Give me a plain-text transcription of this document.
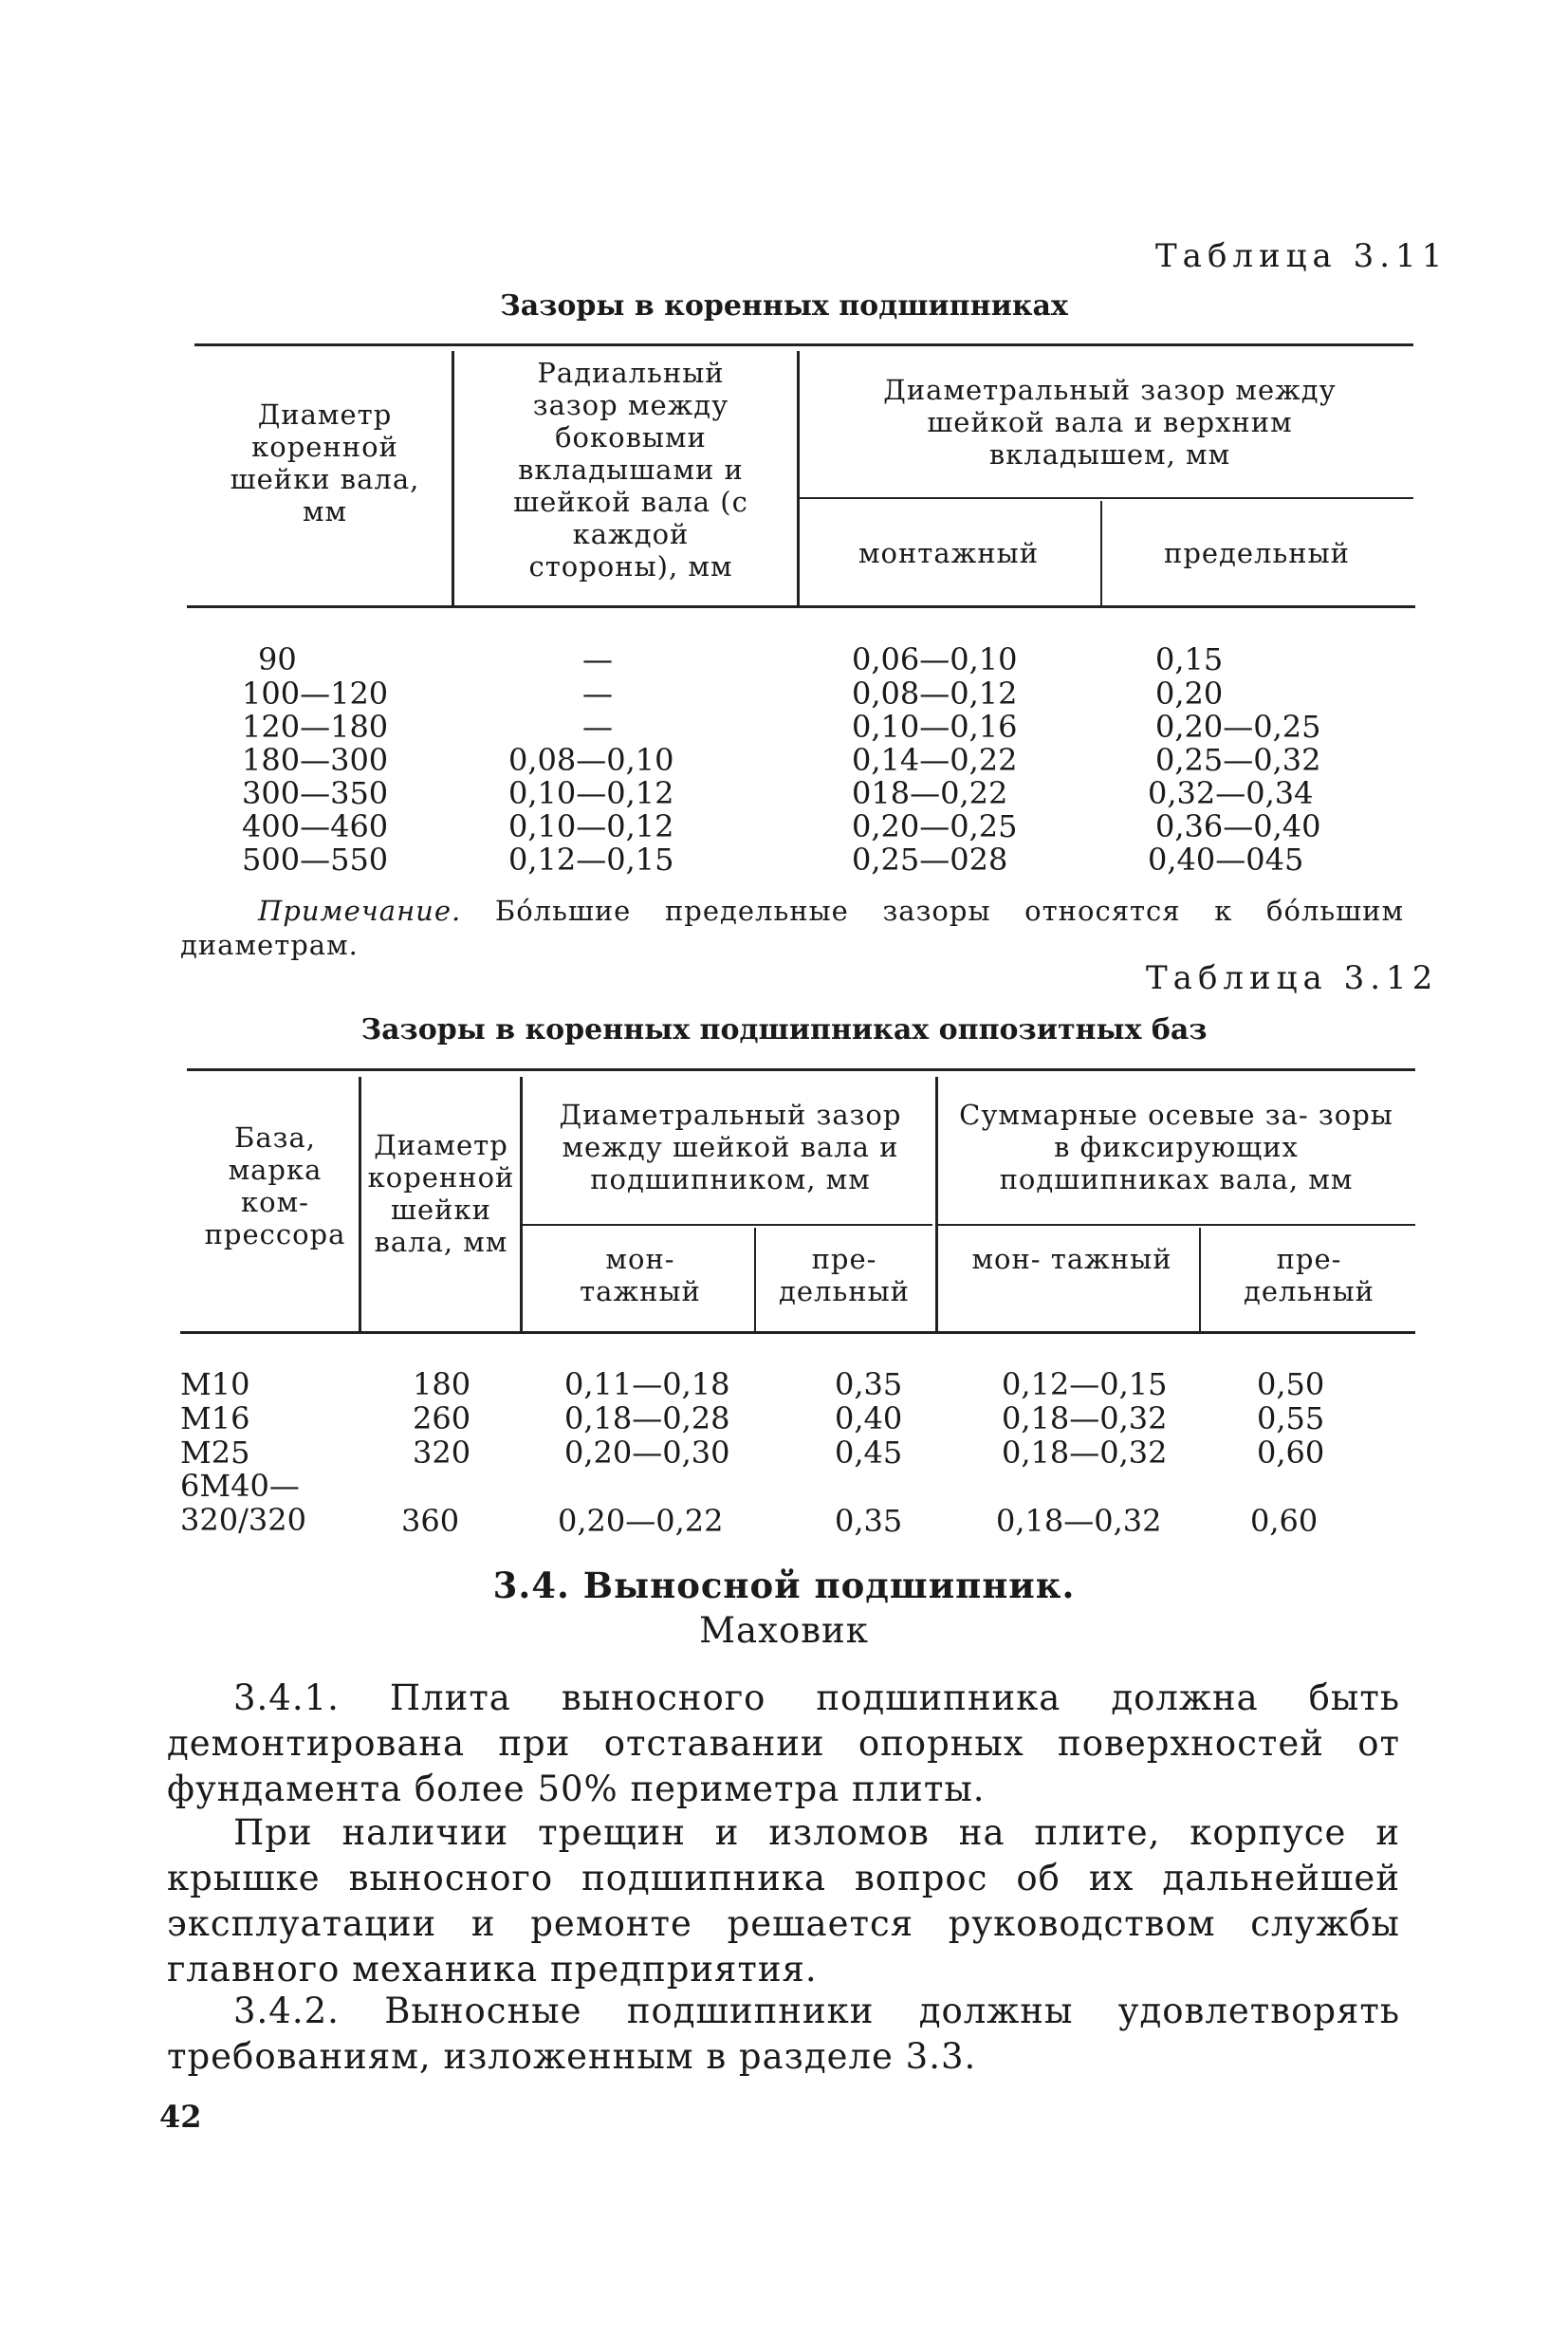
Таблица 3.11
Зазоры в коренных подшипниках
Диаметр коренной шейки вала, мм
Радиальный зазор между боковыми вкладышами и шейкой вала (с каждой стороны), мм
Диаметральный зазор между шейкой вала и верхним вкладышем, мм
монтажный	предельный
90	—	0,06—0,10	0,15
100—120	—	0,08—0,12	0,20
120—180	—	0,10—0,16	0,20—0,25
180—300	0,08—0,10	0,14—0,22	0,25—0,32
300—350	0,10—0,12	018—0,22	0,32—0,34
400—460	0,10—0,12	0,20—0,25	0,36—0,40
500—550	0,12—0,15	0,25—028	0,40—045
Примечание. Бóльшие предельные зазоры относятся к бóльшим диаметрам.
Таблица 3.12
Зазоры в коренных подшипниках оппозитных баз
База, марка ком- прессора
Диаметр коренной шейки вала, мм
Диаметральный зазор между шейкой вала и подшипником, мм
Суммарные осевые за- зоры в фиксирующих подшипниках вала, мм
мон- тажный
пре- дельный
мон- тажный	пре- дельный
М10	180	0,11—0,18	0,35	0,12—0,15	0,50
М16	260	0,18—0,28	0,40	0,18—0,32	0,55
М25	320	0,20—0,30	0,45	0,18—0,32	0,60
6М40— 320/320	360	0,20—0,22	0,35	0,18—0,32	0,60
3.4. Выносной подшипник.
Маховик
3.4.1. Плита выносного подшипника должна быть демонтирована при отставании опорных поверхностей от фундамента более 50% периметра плиты.
При наличии трещин и изломов на плите, корпусе и крышке выносного подшипника вопрос об их дальнейшей эксплуатации и ремонте решается руководством службы главного механика предприятия.
3.4.2. Выносные подшипники должны удовлетворять требованиям, изложенным в разделе 3.3.
42
